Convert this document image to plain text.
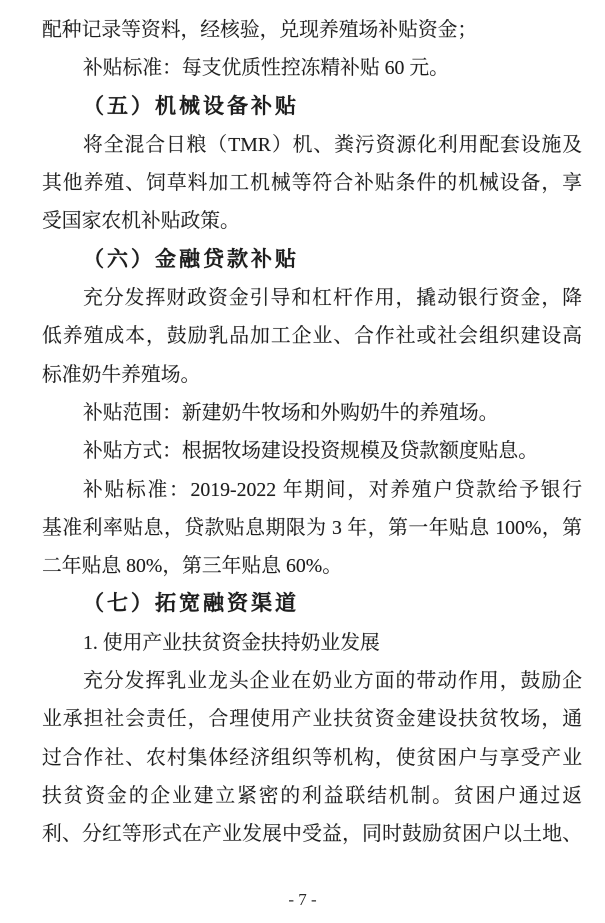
配种记录等资料，经核验，兑现养殖场补贴资金；
补贴标准：每支优质性控冻精补贴 60 元。
（五）机械设备补贴
将全混合日粮（TMR）机、粪污资源化利用配套设施及
其他养殖、饲草料加工机械等符合补贴条件的机械设备，享
受国家农机补贴政策。
（六）金融贷款补贴
充分发挥财政资金引导和杠杆作用，撬动银行资金，降
低养殖成本，鼓励乳品加工企业、合作社或社会组织建设高
标准奶牛养殖场。
补贴范围：新建奶牛牧场和外购奶牛的养殖场。
补贴方式：根据牧场建设投资规模及贷款额度贴息。
补贴标准：2019-2022 年期间，对养殖户贷款给予银行
基准利率贴息，贷款贴息期限为 3 年，第一年贴息 100%，第
二年贴息 80%，第三年贴息 60%。
（七）拓宽融资渠道
1. 使用产业扶贫资金扶持奶业发展
充分发挥乳业龙头企业在奶业方面的带动作用，鼓励企
业承担社会责任，合理使用产业扶贫资金建设扶贫牧场，通
过合作社、农村集体经济组织等机构，使贫困户与享受产业
扶贫资金的企业建立紧密的利益联结机制。贫困户通过返
利、分红等形式在产业发展中受益，同时鼓励贫困户以土地、
- 7 -
